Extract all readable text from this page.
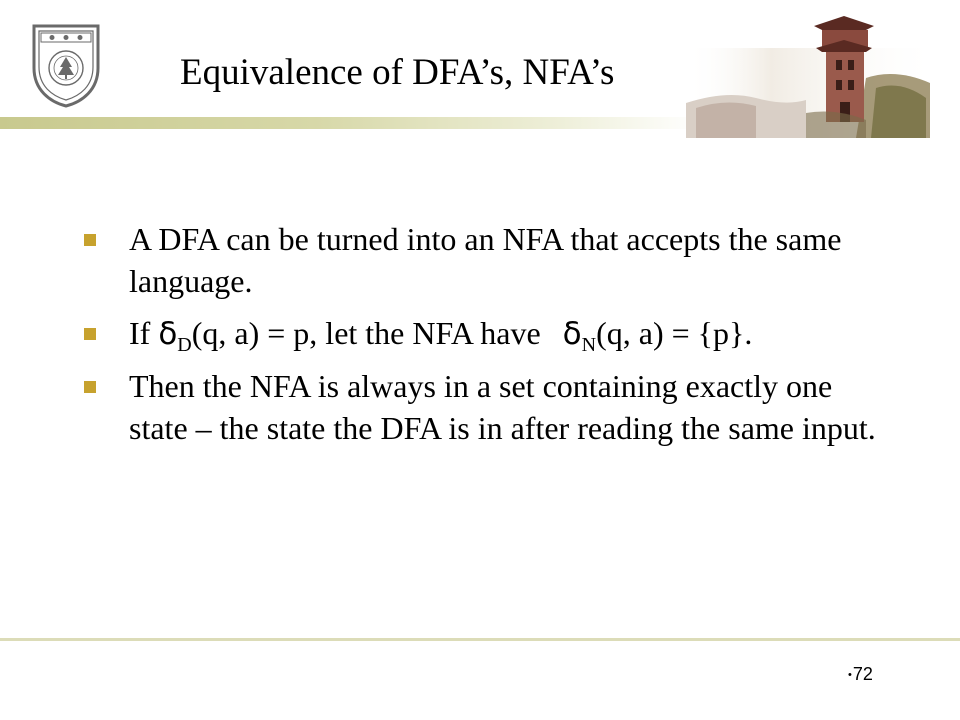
Equivalence of DFA’s, NFA’s
A DFA can be turned into an NFA that accepts the same language.
If $\delta_D(q$, a) = p, let the NFA have $\delta_N(q$, a) = {p}.
Then the NFA is always in a set containing exactly one state – the state the DFA is in after reading the same input.
•72
